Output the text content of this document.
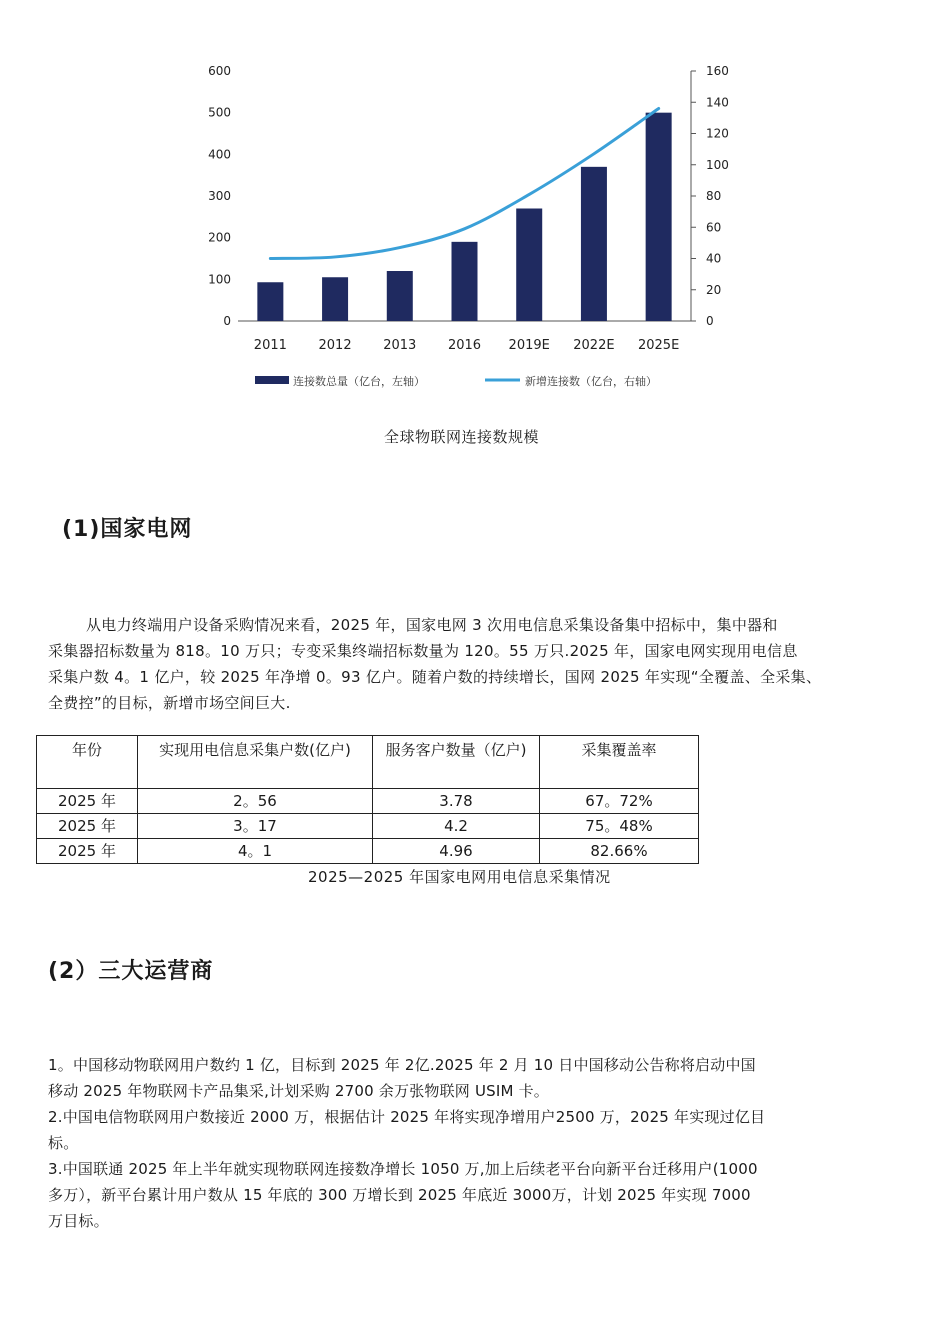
0
100
200
300
400
500
600
0
20
40
60
80
100
120
140
160
2011 2012 2013 2016 2019E 2022E 2025E
连接数总量（亿台，左轴）	新增连接数（亿台，右轴）
全球物联网连接数规模
(1)国家电网

从电力终端用户设备采购情况来看，2025 年，国家电网 3 次用电信息采集设备集中招标中，集中器和

采集器招标数量为 818。10 万只；专变采集终端招标数量为 120。55 万只.2025 年，国家电网实现用电信息

采集户数 4。1 亿户，较 2025 年净增 0。93 亿户。随着户数的持续增长，国网 2025 年实现“全覆盖、全采集、

全费控”的目标，新增市场空间巨大.

年份	实现用电信息采集户数(亿户)	服务客户数量（亿户)	采集覆盖率
2025 年	2。56	3.78	67。72%
2025 年	3。17	4.2	75。48%
2025 年	4。1	4.96	82.66%
2025—2025 年国家电网用电信息采集情况
(2）三大运营商

1。中国移动物联网用户数约 1 亿，目标到 2025 年 2亿.2025 年 2 月 10 日中国移动公告称将启动中国

移动 2025 年物联网卡产品集采,计划采购 2700 余万张物联网 USIM 卡。

2.中国电信物联网用户数接近 2000 万，根据估计 2025 年将实现净增用户2500 万，2025 年实现过亿目

标。

3.中国联通 2025 年上半年就实现物联网连接数净增长 1050 万,加上后续老平台向新平台迁移用户(1000

多万），新平台累计用户数从 15 年底的 300 万增长到 2025 年底近 3000万，计划 2025 年实现 7000

万目标。
